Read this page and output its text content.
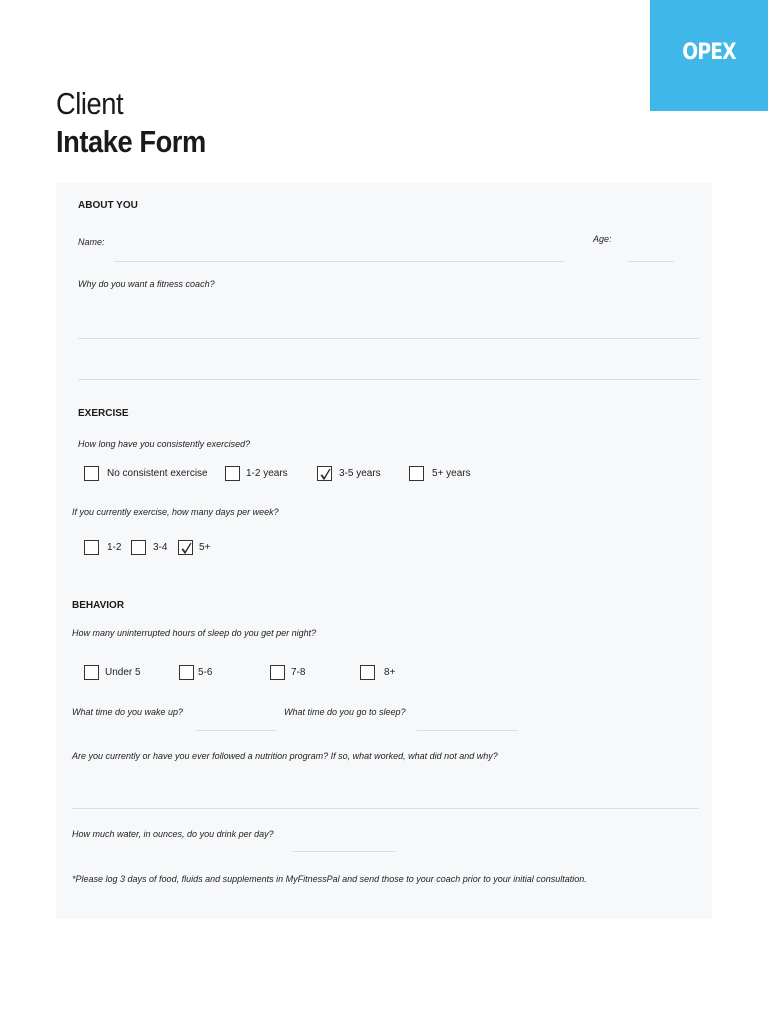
OPEX
Client
Intake Form
ABOUT YOU
Name:	Age:
Why do you want a fitness coach?
EXERCISE
How long have you consistently exercised?
No consistent exercise	1-2 years	3-5 years	5+ years
If you currently exercise, how many days per week?
1-2	3-4	5+
BEHAVIOR
How many uninterrupted hours of sleep do you get per night?
Under 5	5-6	7-8	8+
What time do you wake up?	What time do you go to sleep?
Are you currently or have you ever followed a nutrition program? If so, what worked, what did not and why?
How much water, in ounces, do you drink per day?
*Please log 3 days of food, fluids and supplements in MyFitnessPal and send those to your coach prior to your initial consultation.
